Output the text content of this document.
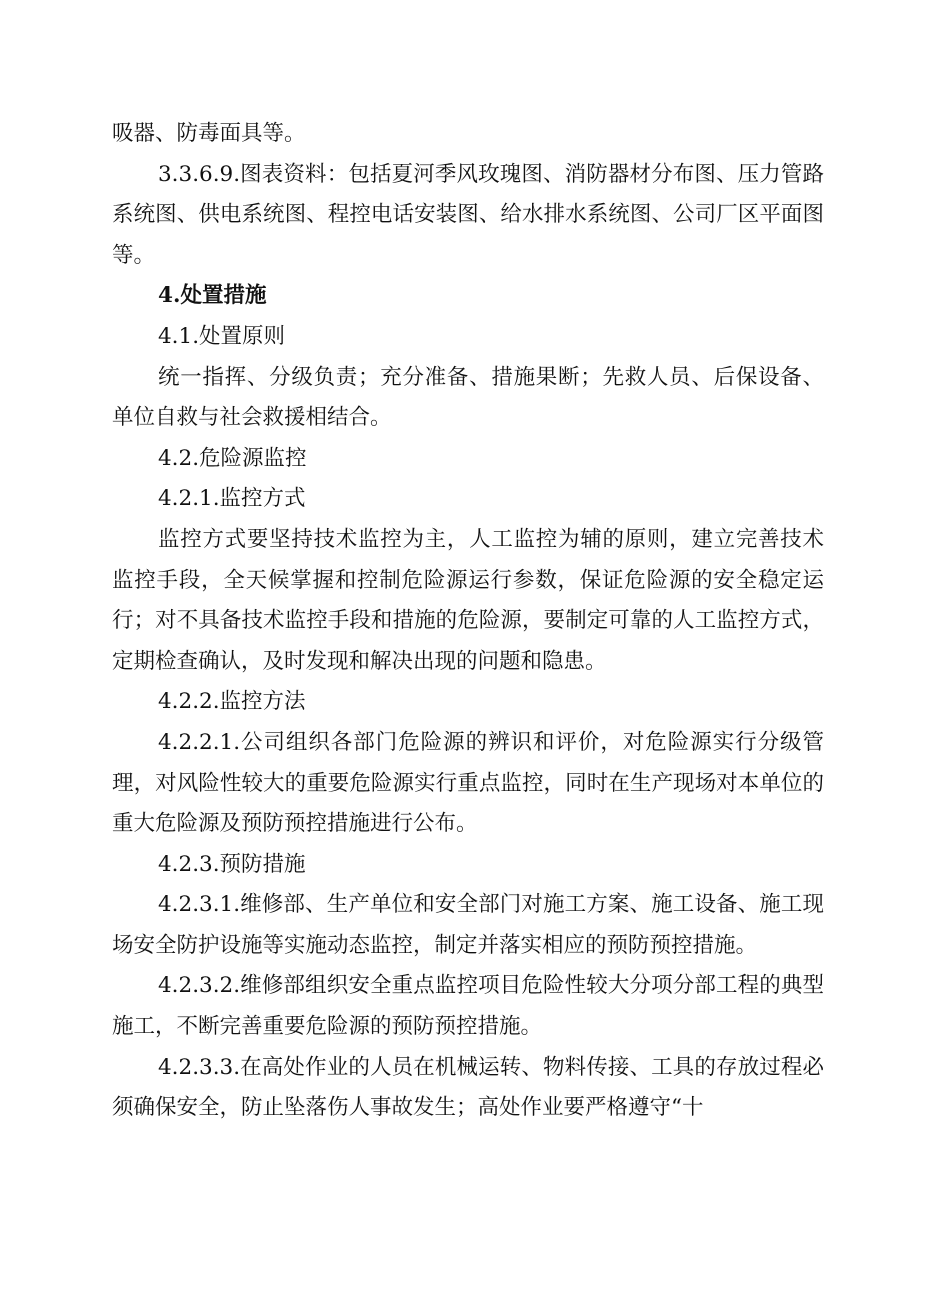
吸器、防毒面具等。

3.3.6.9.图表资料：包括夏河季风玫瑰图、消防器材分布图、压力管路系统图、供电系统图、程控电话安装图、给水排水系统图、公司厂区平面图等。

4.处置措施

4.1.处置原则

统一指挥、分级负责；充分准备、措施果断；先救人员、后保设备、单位自救与社会救援相结合。

4.2.危险源监控

4.2.1.监控方式

监控方式要坚持技术监控为主，人工监控为辅的原则，建立完善技术监控手段，全天候掌握和控制危险源运行参数，保证危险源的安全稳定运行；对不具备技术监控手段和措施的危险源，要制定可靠的人工监控方式，定期检查确认，及时发现和解决出现的问题和隐患。

4.2.2.监控方法

4.2.2.1.公司组织各部门危险源的辨识和评价，对危险源实行分级管理，对风险性较大的重要危险源实行重点监控，同时在生产现场对本单位的重大危险源及预防预控措施进行公布。

4.2.3.预防措施

4.2.3.1.维修部、生产单位和安全部门对施工方案、施工设备、施工现场安全防护设施等实施动态监控，制定并落实相应的预防预控措施。

4.2.3.2.维修部组织安全重点监控项目危险性较大分项分部工程的典型施工，不断完善重要危险源的预防预控措施。

4.2.3.3.在高处作业的人员在机械运转、物料传接、工具的存放过程必须确保安全，防止坠落伤人事故发生；高处作业要严格遵守“十
